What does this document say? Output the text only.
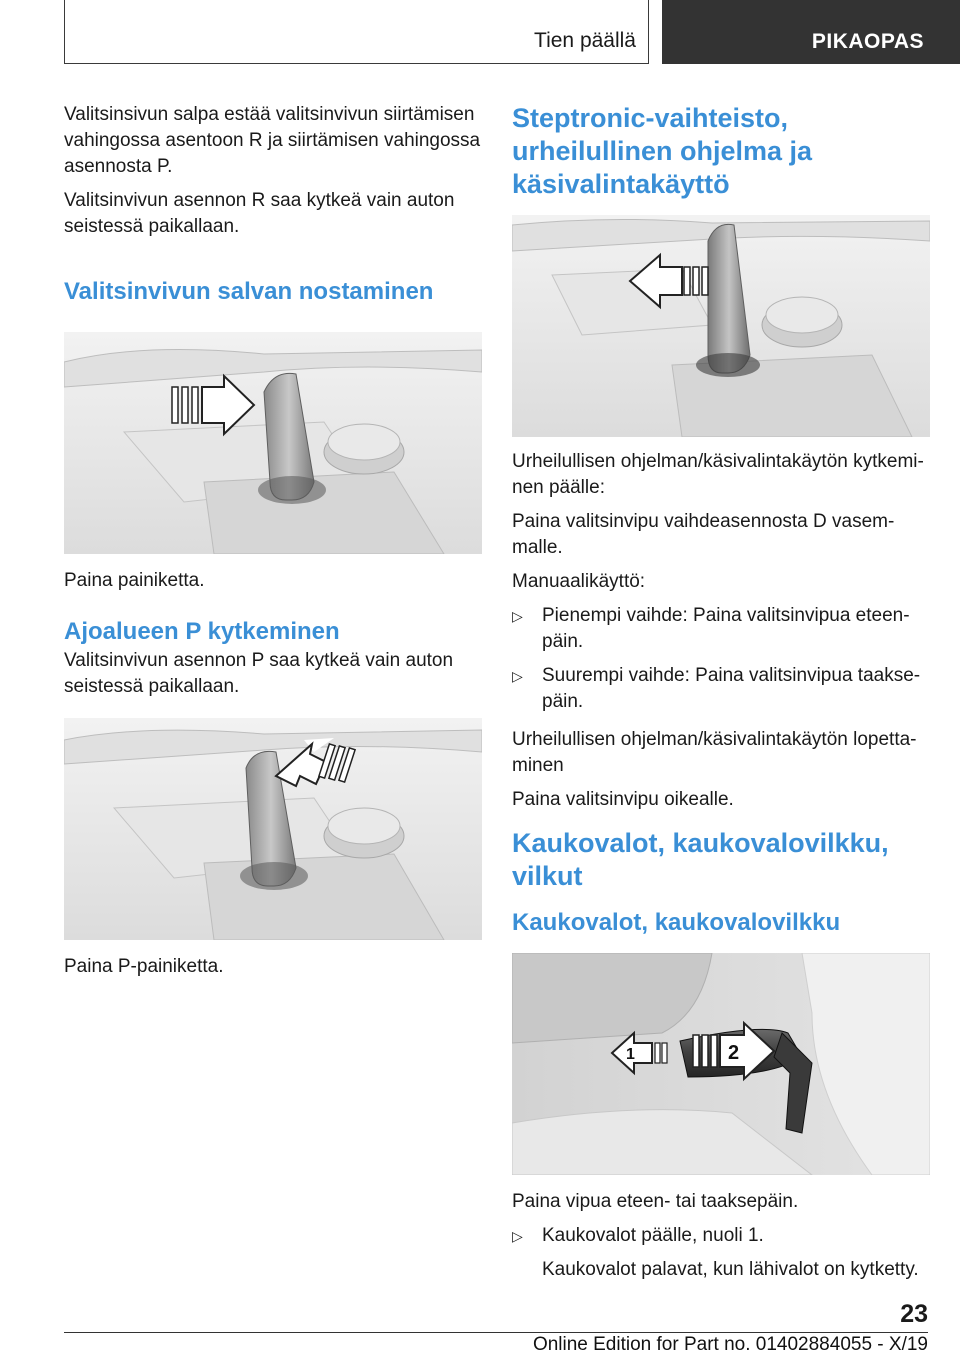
Tien päällä	PIKAOPAS
Valitsinsivun salpa estää valitsinvivun siirtämisen vahingossa asentoon R ja siirtämisen vahingossa asennosta P.
Valitsinvivun asennon R saa kytkeä vain auton seistessä paikallaan.
Valitsinvivun salvan nostaminen
Paina painiketta.
Ajoalueen P kytkeminen
Valitsinvivun asennon P saa kytkeä vain auton seistessä paikallaan.
Paina P-painiketta.
Steptronic-vaihteisto, urheilullinen ohjelma ja käsivalintakäyttö
Urheilullisen ohjelman/käsivalintakäytön kytkeminen päälle:
Paina valitsinvipu vaihdeasennosta D vasemmalle.
Manuaalikäyttö:
▷ Pienempi vaihde: Paina valitsinvipua eteenpäin.
▷ Suurempi vaihde: Paina valitsinvipua taaksepäin.
Urheilullisen ohjelman/käsivalintakäytön lopettaminen
Paina valitsinvipu oikealle.
Kaukovalot, kaukovalovilkku, vilkut
Kaukovalot, kaukovalovilkku
1	2
Paina vipua eteen- tai taaksepäin.
▷ Kaukovalot päälle, nuoli 1.
Kaukovalot palavat, kun lähivalot on kytketty.
23
Online Edition for Part no. 01402884055 - X/19
